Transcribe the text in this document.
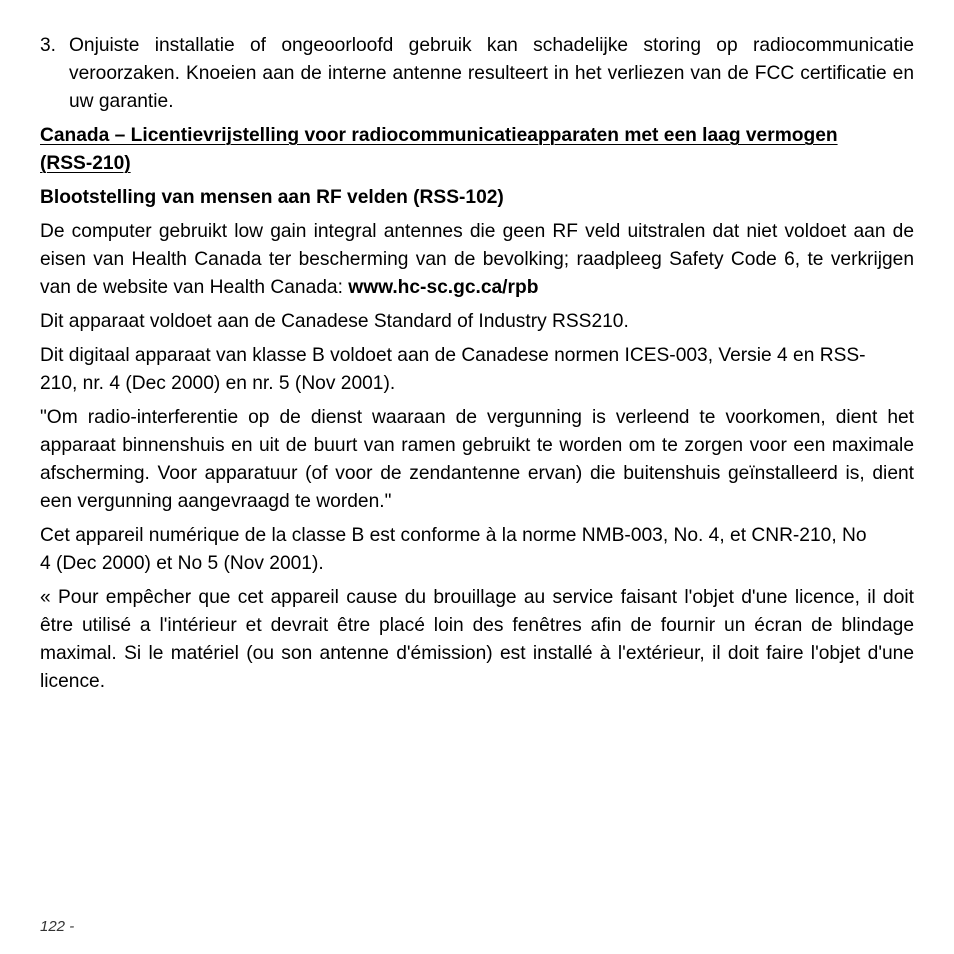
3. Onjuiste installatie of ongeoorloofd gebruik kan schadelijke storing op radiocommunicatie veroorzaken. Knoeien aan de interne antenne resulteert in het verliezen van de FCC certificatie en uw garantie.

Canada – Licentievrijstelling voor radiocommunicatieapparaten met een laag vermogen (RSS-210)

Blootstelling van mensen aan RF velden (RSS-102)

De computer gebruikt low gain integral antennes die geen RF veld uitstralen dat niet voldoet aan de eisen van Health Canada ter bescherming van de bevolking; raadpleeg Safety Code 6, te verkrijgen van de website van Health Canada: www.hc-sc.gc.ca/rpb

Dit apparaat voldoet aan de Canadese Standard of Industry RSS210.

Dit digitaal apparaat van klasse B voldoet aan de Canadese normen ICES-003, Versie 4 en RSS-210, nr. 4 (Dec 2000) en nr. 5 (Nov 2001).

"Om radio-interferentie op de dienst waaraan de vergunning is verleend te voorkomen, dient het apparaat binnenshuis en uit de buurt van ramen gebruikt te worden om te zorgen voor een maximale afscherming. Voor apparatuur (of voor de zendantenne ervan) die buitenshuis geïnstalleerd is, dient een vergunning aangevraagd te worden."

Cet appareil numérique de la classe B est conforme à la norme NMB-003, No. 4, et CNR-210, No 4 (Dec 2000) et No 5 (Nov 2001).

« Pour empêcher que cet appareil cause du brouillage au service faisant l'objet d'une licence, il doit être utilisé a l'intérieur et devrait être placé loin des fenêtres afin de fournir un écran de blindage maximal. Si le matériel (ou son antenne d'émission) est installé à l'extérieur, il doit faire l'objet d'une licence.

122 -
